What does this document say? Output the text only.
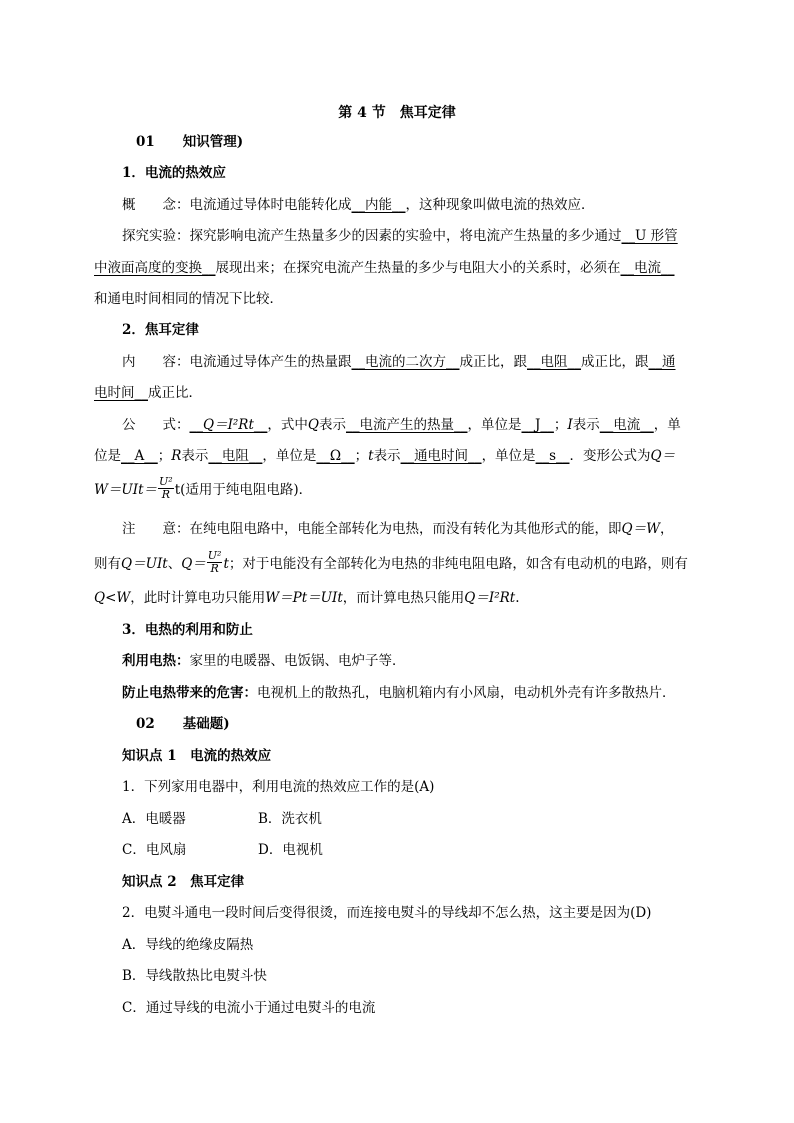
第 4 节　焦耳定律
01 知识管理)
1．电流的热效应
概　　念：电流通过导体时电能转化成__内能__，这种现象叫做电流的热效应．
探究实验：探究影响电流产生热量多少的因素的实验中，将电流产生热量的多少通过__U 形管
中液面高度的变换__展现出来；在探究电流产生热量的多少与电阻大小的关系时，必须在__电流__
和通电时间相同的情况下比较．
2．焦耳定律
内　　容：电流通过导体产生的热量跟__电流的二次方__成正比，跟__电阻__成正比，跟__通
电时间__成正比．
公　　式：__Q＝I²Rt__，式中Q表示__电流产生的热量__，单位是__J__；I表示__电流__，单
位是__A__；R表示__电阻__，单位是__Ω__；t表示__通电时间__，单位是__s__．变形公式为Q＝
$W=UIt= \frac{\text{U²}}{R} t$(适用于纯电阻电路)．
注　　意：在纯电阻电路中，电能全部转化为电热，而没有转化为其他形式的能，即Q＝W，
则有Q＝UIt、$Q= \frac{\text{U²}}{R}$ t；对于电能没有全部转化为电热的非纯电阻电路，如含有电动机的电路，则有
Q<W，此时计算电功只能用W＝Pt＝UIt，而计算电热只能用Q＝I²Rt.
3．电热的利用和防止
利用电热：家里的电暖器、电饭锅、电炉子等．
防止电热带来的危害：电视机上的散热孔，电脑机箱内有小风扇，电动机外壳有许多散热片．
02 基础题)
知识点 1　电流的热效应
1．下列家用电器中，利用电流的热效应工作的是(A)
A．电暖器	B．洗衣机
C．电风扇	D．电视机
知识点 2　焦耳定律
2．电熨斗通电一段时间后变得很烫，而连接电熨斗的导线却不怎么热，这主要是因为(D)
A．导线的绝缘皮隔热
B．导线散热比电熨斗快
C．通过导线的电流小于通过电熨斗的电流
